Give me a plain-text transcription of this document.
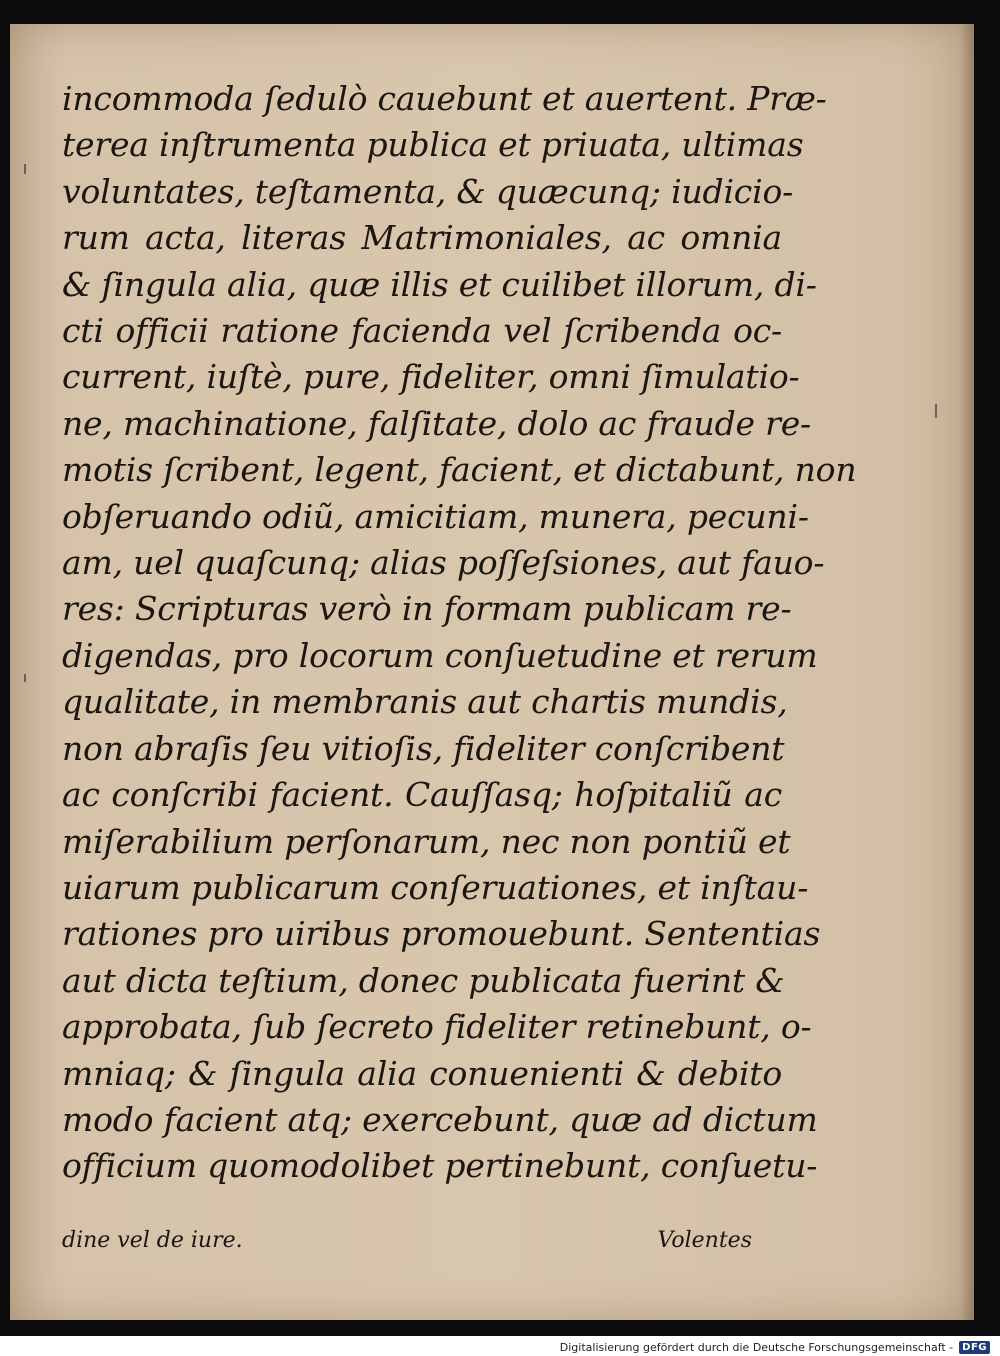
incommoda ſedulò cauebunt et auertent. Præ-
terea inſtrumenta publica et priuata, ultimas
voluntates, teſtamenta, & quæcunq; iudicio-
rum acta, literas Matrimoniales, ac omnia
& ſingula alia, quæ illis et cuilibet illorum, di-
cti officii ratione facienda vel ſcribenda oc-
current, iuſtè, pure, fideliter, omni ſimulatio-
ne, machinatione, falſitate, dolo ac fraude re-
motis ſcribent, legent, facient, et dictabunt, non
obſeruando odiũ, amicitiam, munera, pecuni-
am, uel quaſcunq; alias poſſeſsiones, aut fauo-
res: Scripturas verò in formam publicam re-
digendas, pro locorum conſuetudine et rerum
qualitate, in membranis aut chartis mundis,
non abraſis ſeu vitioſis, fideliter conſcribent
ac conſcribi facient. Cauſſasq; hoſpitaliũ ac
miſerabilium perſonarum, nec non pontiũ et
uiarum publicarum conſeruationes, et inſtau-
rationes pro uiribus promouebunt. Sententias
aut dicta teſtium, donec publicata fuerint &
approbata, ſub ſecreto fideliter retinebunt, o-
mniaq; & ſingula alia conuenienti & debito
modo facient atq; exercebunt, quæ ad dictum
officium quomodolibet pertinebunt, conſuetu-
dine vel de iure.	Volentes
Digitalisierung gefördert durch die Deutsche Forschungsgemeinschaft - DFG
